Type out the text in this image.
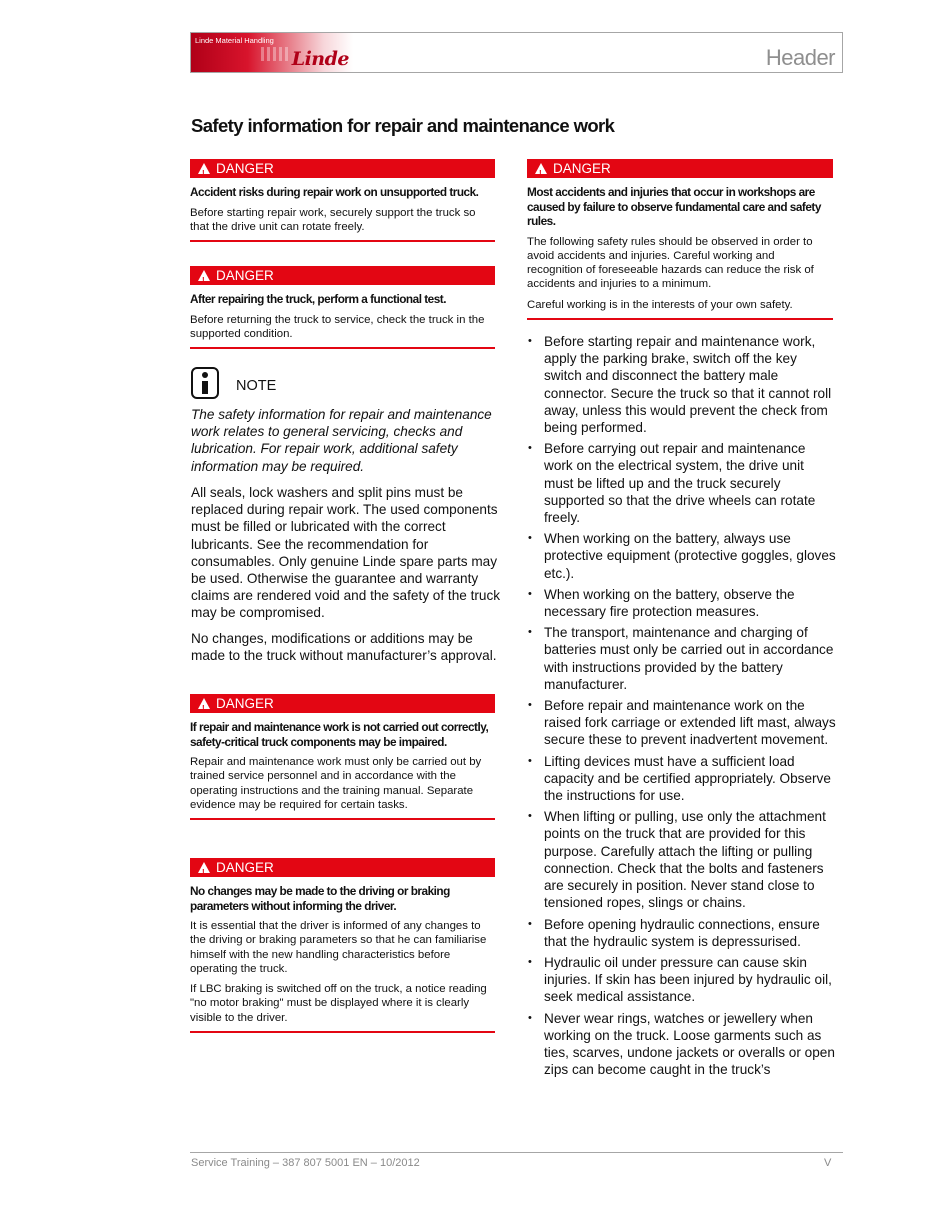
Linde Material Handling
Linde	Header
Safety information for repair and maintenance work
!DANGER
Accident risks during repair work on unsupported truck.

Before starting repair work, securely support the truck so that the drive unit can rotate freely.

!DANGER
After repairing the truck, perform a functional test.

Before returning the truck to service, check the truck in the supported condition.

NOTE
The safety information for repair and maintenance work relates to general servicing, checks and lubrication. For repair work, additional safety information may be required.
All seals, lock washers and split pins must be replaced during repair work. The used components must be filled or lubricated with the correct lubricants. See the recommendation for consumables. Only genuine Linde spare parts may be used. Otherwise the guarantee and warranty claims are rendered void and the safety of the truck may be compromised.
No changes, modifications or additions may be made to the truck without manufacturer’s approval.
!DANGER
If repair and maintenance work is not carried out correctly, safety-critical truck components may be impaired.

Repair and maintenance work must only be carried out by trained service personnel and in accordance with the operating instructions and the training manual. Separate evidence may be required for certain tasks.

!DANGER
No changes may be made to the driving or braking parameters without informing the driver.

It is essential that the driver is informed of any changes to the driving or braking parameters so that he can familiarise himself with the new handling characteristics before operating the truck.

If LBC braking is switched off on the truck, a notice reading "no motor braking" must be displayed where it is clearly visible to the driver.

!DANGER
Most accidents and injuries that occur in workshops are caused by failure to observe fundamental care and safety rules.

The following safety rules should be observed in order to avoid accidents and injuries. Careful working and recognition of foreseeable hazards can reduce the risk of accidents and injuries to a minimum.

Careful working is in the interests of your own safety.

• Before starting repair and maintenance work, apply the parking brake, switch off the key switch and disconnect the battery male connector. Secure the truck so that it cannot roll away, unless this would prevent the check from being performed.
• Before carrying out repair and maintenance work on the electrical system, the drive unit must be lifted up and the truck securely supported so that the drive wheels can rotate freely.
• When working on the battery, always use protective equipment (protective goggles, gloves etc.).
• When working on the battery, observe the necessary fire protection measures.
• The transport, maintenance and charging of batteries must only be carried out in accordance with instructions provided by the battery manufacturer.
• Before repair and maintenance work on the raised fork carriage or extended lift mast, always secure these to prevent inadvertent movement.
• Lifting devices must have a sufficient load capacity and be certified appropriately. Observe the instructions for use.
• When lifting or pulling, use only the attachment points on the truck that are provided for this purpose. Carefully attach the lifting or pulling connection. Check that the bolts and fasteners are securely in position. Never stand close to tensioned ropes, slings or chains.
• Before opening hydraulic connections, ensure that the hydraulic system is depressurised.
• Hydraulic oil under pressure can cause skin injuries. If skin has been injured by hydraulic oil, seek medical assistance.
• Never wear rings, watches or jewellery when working on the truck. Loose garments such as ties, scarves, undone jackets or overalls or open zips can become caught in the truck’s
Service Training – 387 807 5001 EN – 10/2012	V
